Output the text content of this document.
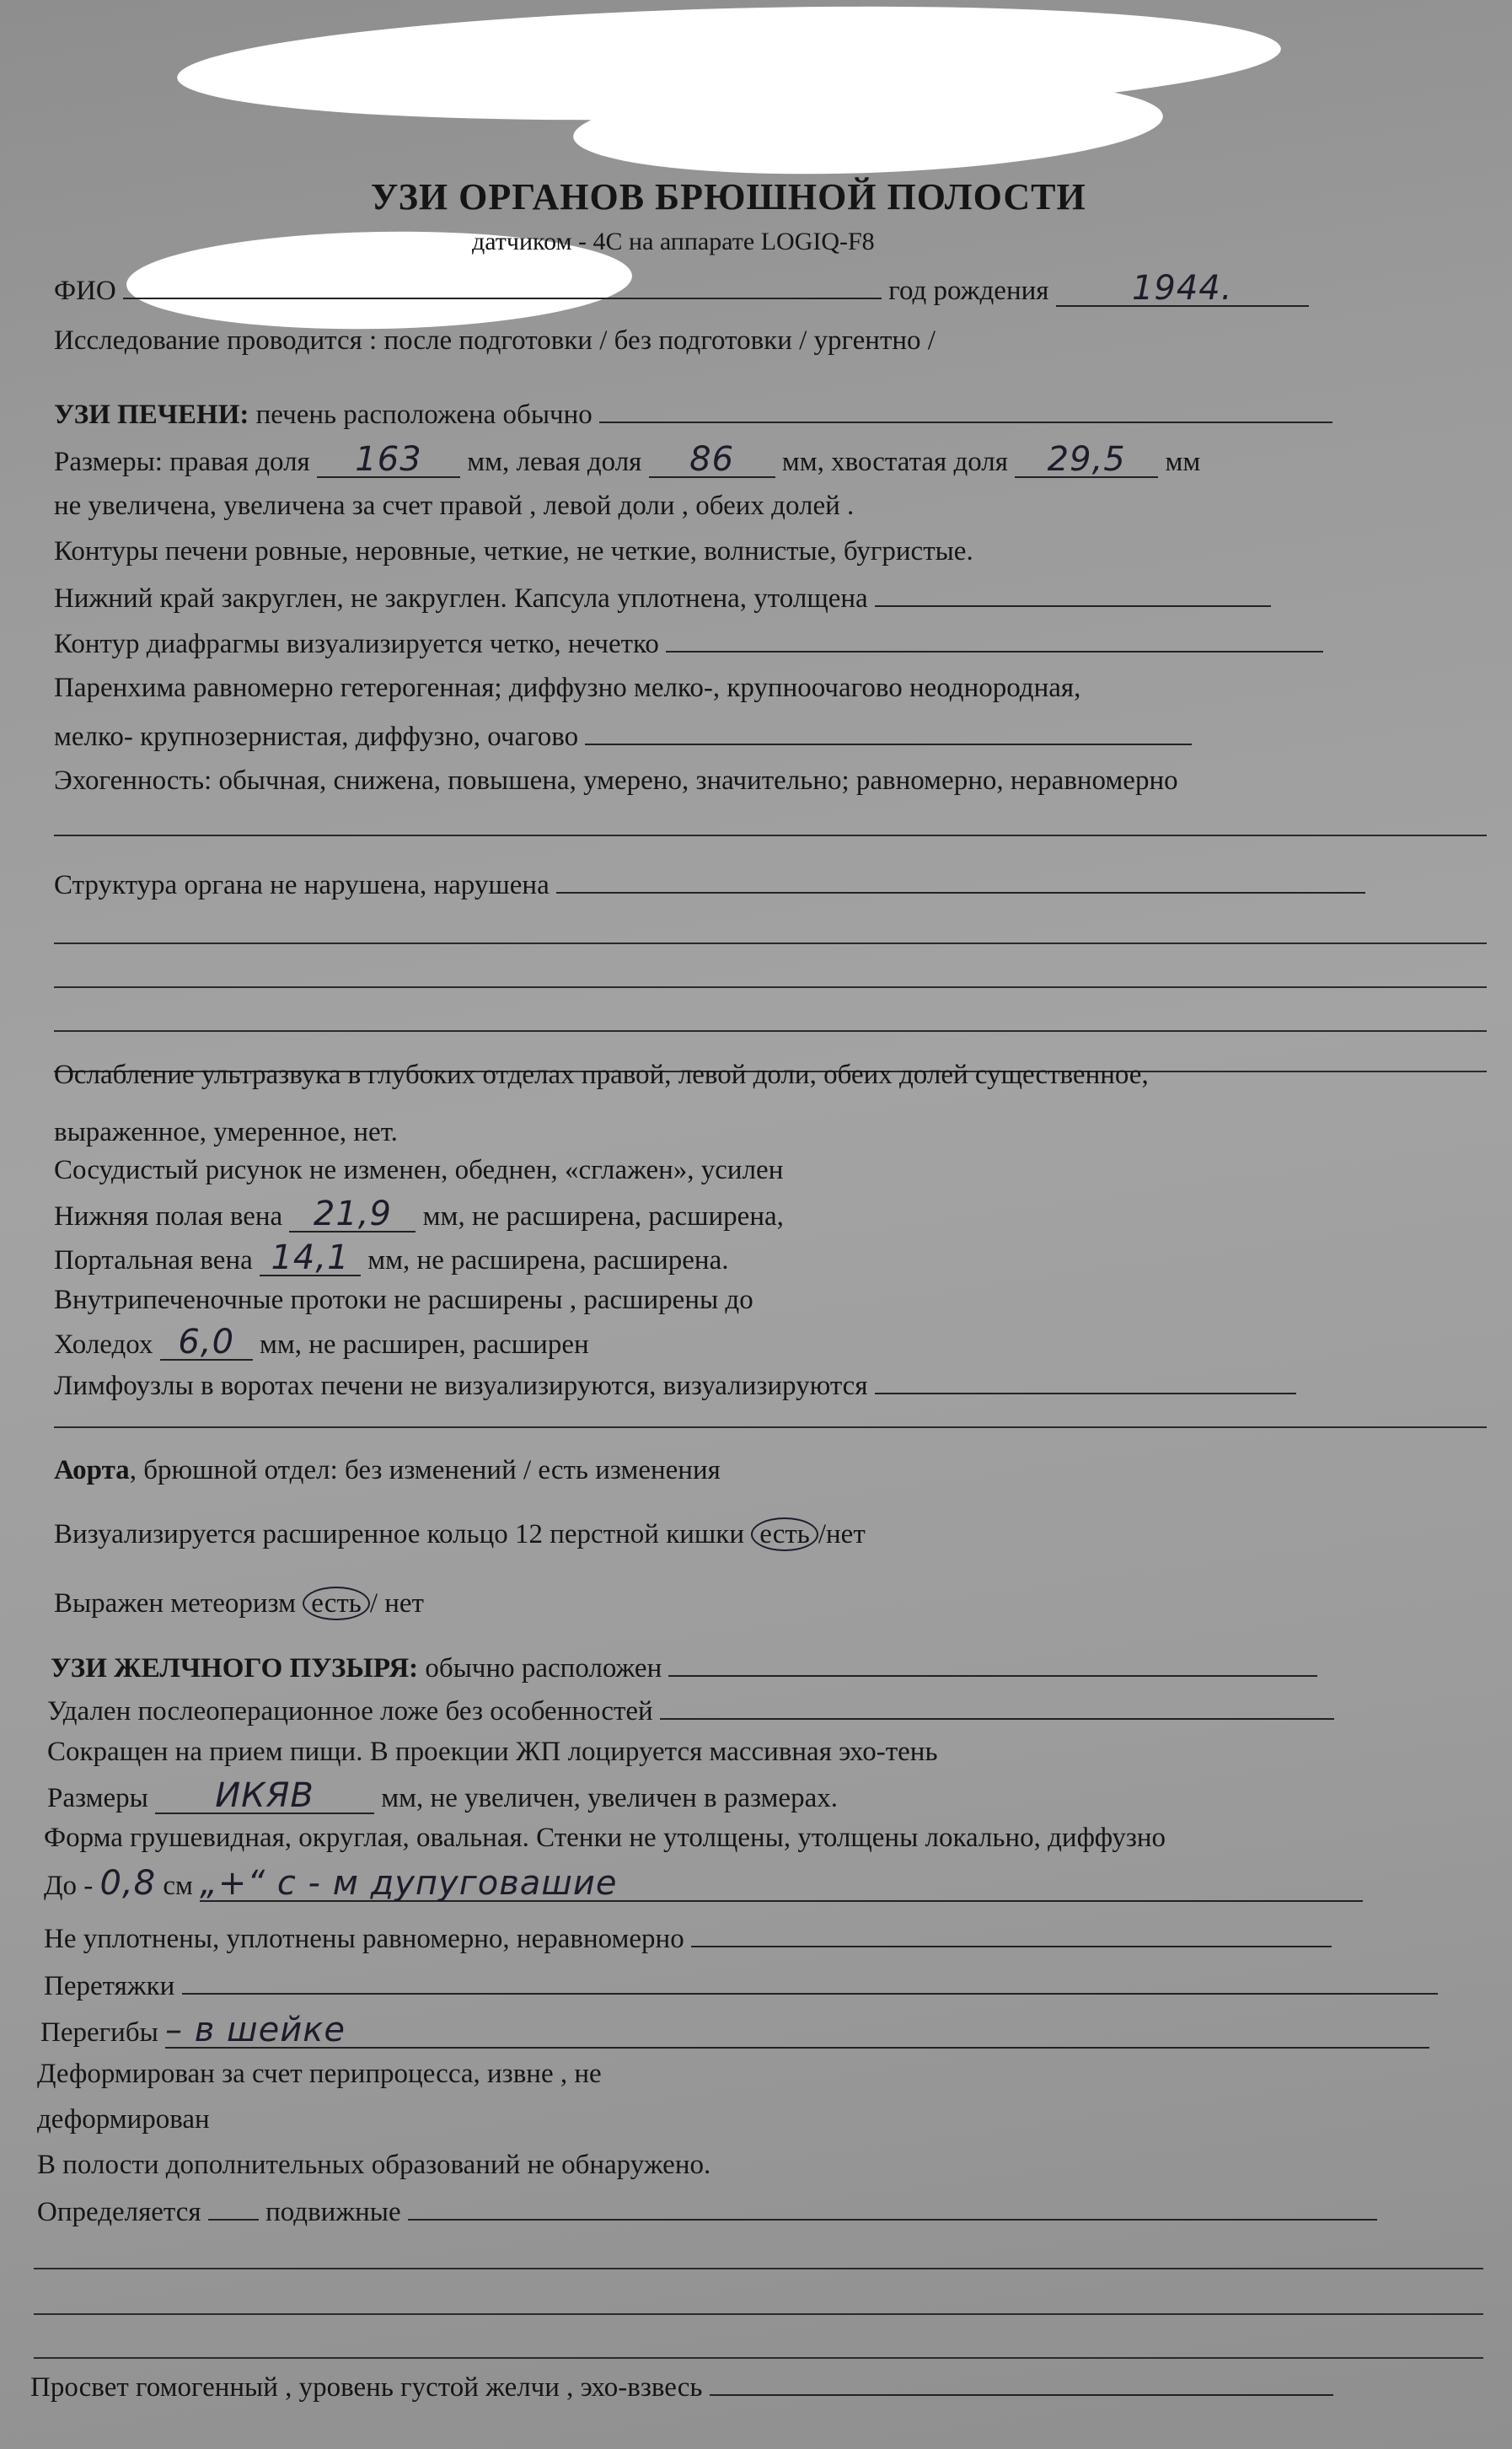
УЗИ ОРГАНОВ БРЮШНОЙ ПОЛОСТИ
датчиком - 4С на аппарате LOGIQ-F8
ФИО	год рождения 1944.
Исследование проводится : после подготовки / без подготовки / ургентно /
УЗИ ПЕЧЕНИ: печень расположена обычно
Размеры: правая доля 163 мм, левая доля 86 мм, хвостатая доля 29,5 мм
не увеличена, увеличена за счет правой , левой доли , обеих долей .
Контуры печени ровные, неровные, четкие, не четкие, волнистые, бугристые.
Нижний край закруглен, не закруглен. Капсула уплотнена, утолщена
Контур диафрагмы визуализируется четко, нечетко
Паренхима равномерно гетерогенная; диффузно мелко-, крупноочагово неоднородная,
мелко- крупнозернистая, диффузно, очагово
Эхогенность: обычная, снижена, повышена, умерено, значительно; равномерно, неравномерно
Структура органа не нарушена, нарушена
Ослабление ультразвука в глубоких отделах правой, левой доли, обеих долей существенное,
выраженное, умеренное, нет.
Сосудистый рисунок не изменен, обеднен, «сглажен», усилен
Нижняя полая вена 21,9 мм, не расширена, расширена,
Портальная вена 14,1 мм, не расширена, расширена.
Внутрипеченочные протоки не расширены , расширены до
Холедох 6,0 мм, не расширен, расширен
Лимфоузлы в воротах печени не визуализируются, визуализируются
Аорта, брюшной отдел: без изменений / есть изменения
Визуализируется расширенное кольцо 12 перстной кишки есть /нет
Выражен метеоризм есть / нет
УЗИ ЖЕЛЧНОГО ПУЗЫРЯ: обычно расположен
Удален послеоперационное ложе без особенностей
Сокращен на прием пищи. В проекции ЖП лоцируется массивная эхо-тень
Размеры ИКЯВ мм, не увеличен, увеличен в размерах.
Форма грушевидная, округлая, овальная. Стенки не утолщены, утолщены локально, диффузно
До - 0,8 см „+“ с - м дупуговашие
Не уплотнены, уплотнены равномерно, неравномерно
Перетяжки
Перегибы – в шейке
Деформирован за счет перипроцесса, извне , не
деформирован
В полости дополнительных образований не обнаружено.
Определяется подвижные
Просвет гомогенный , уровень густой желчи , эхо-взвесь
